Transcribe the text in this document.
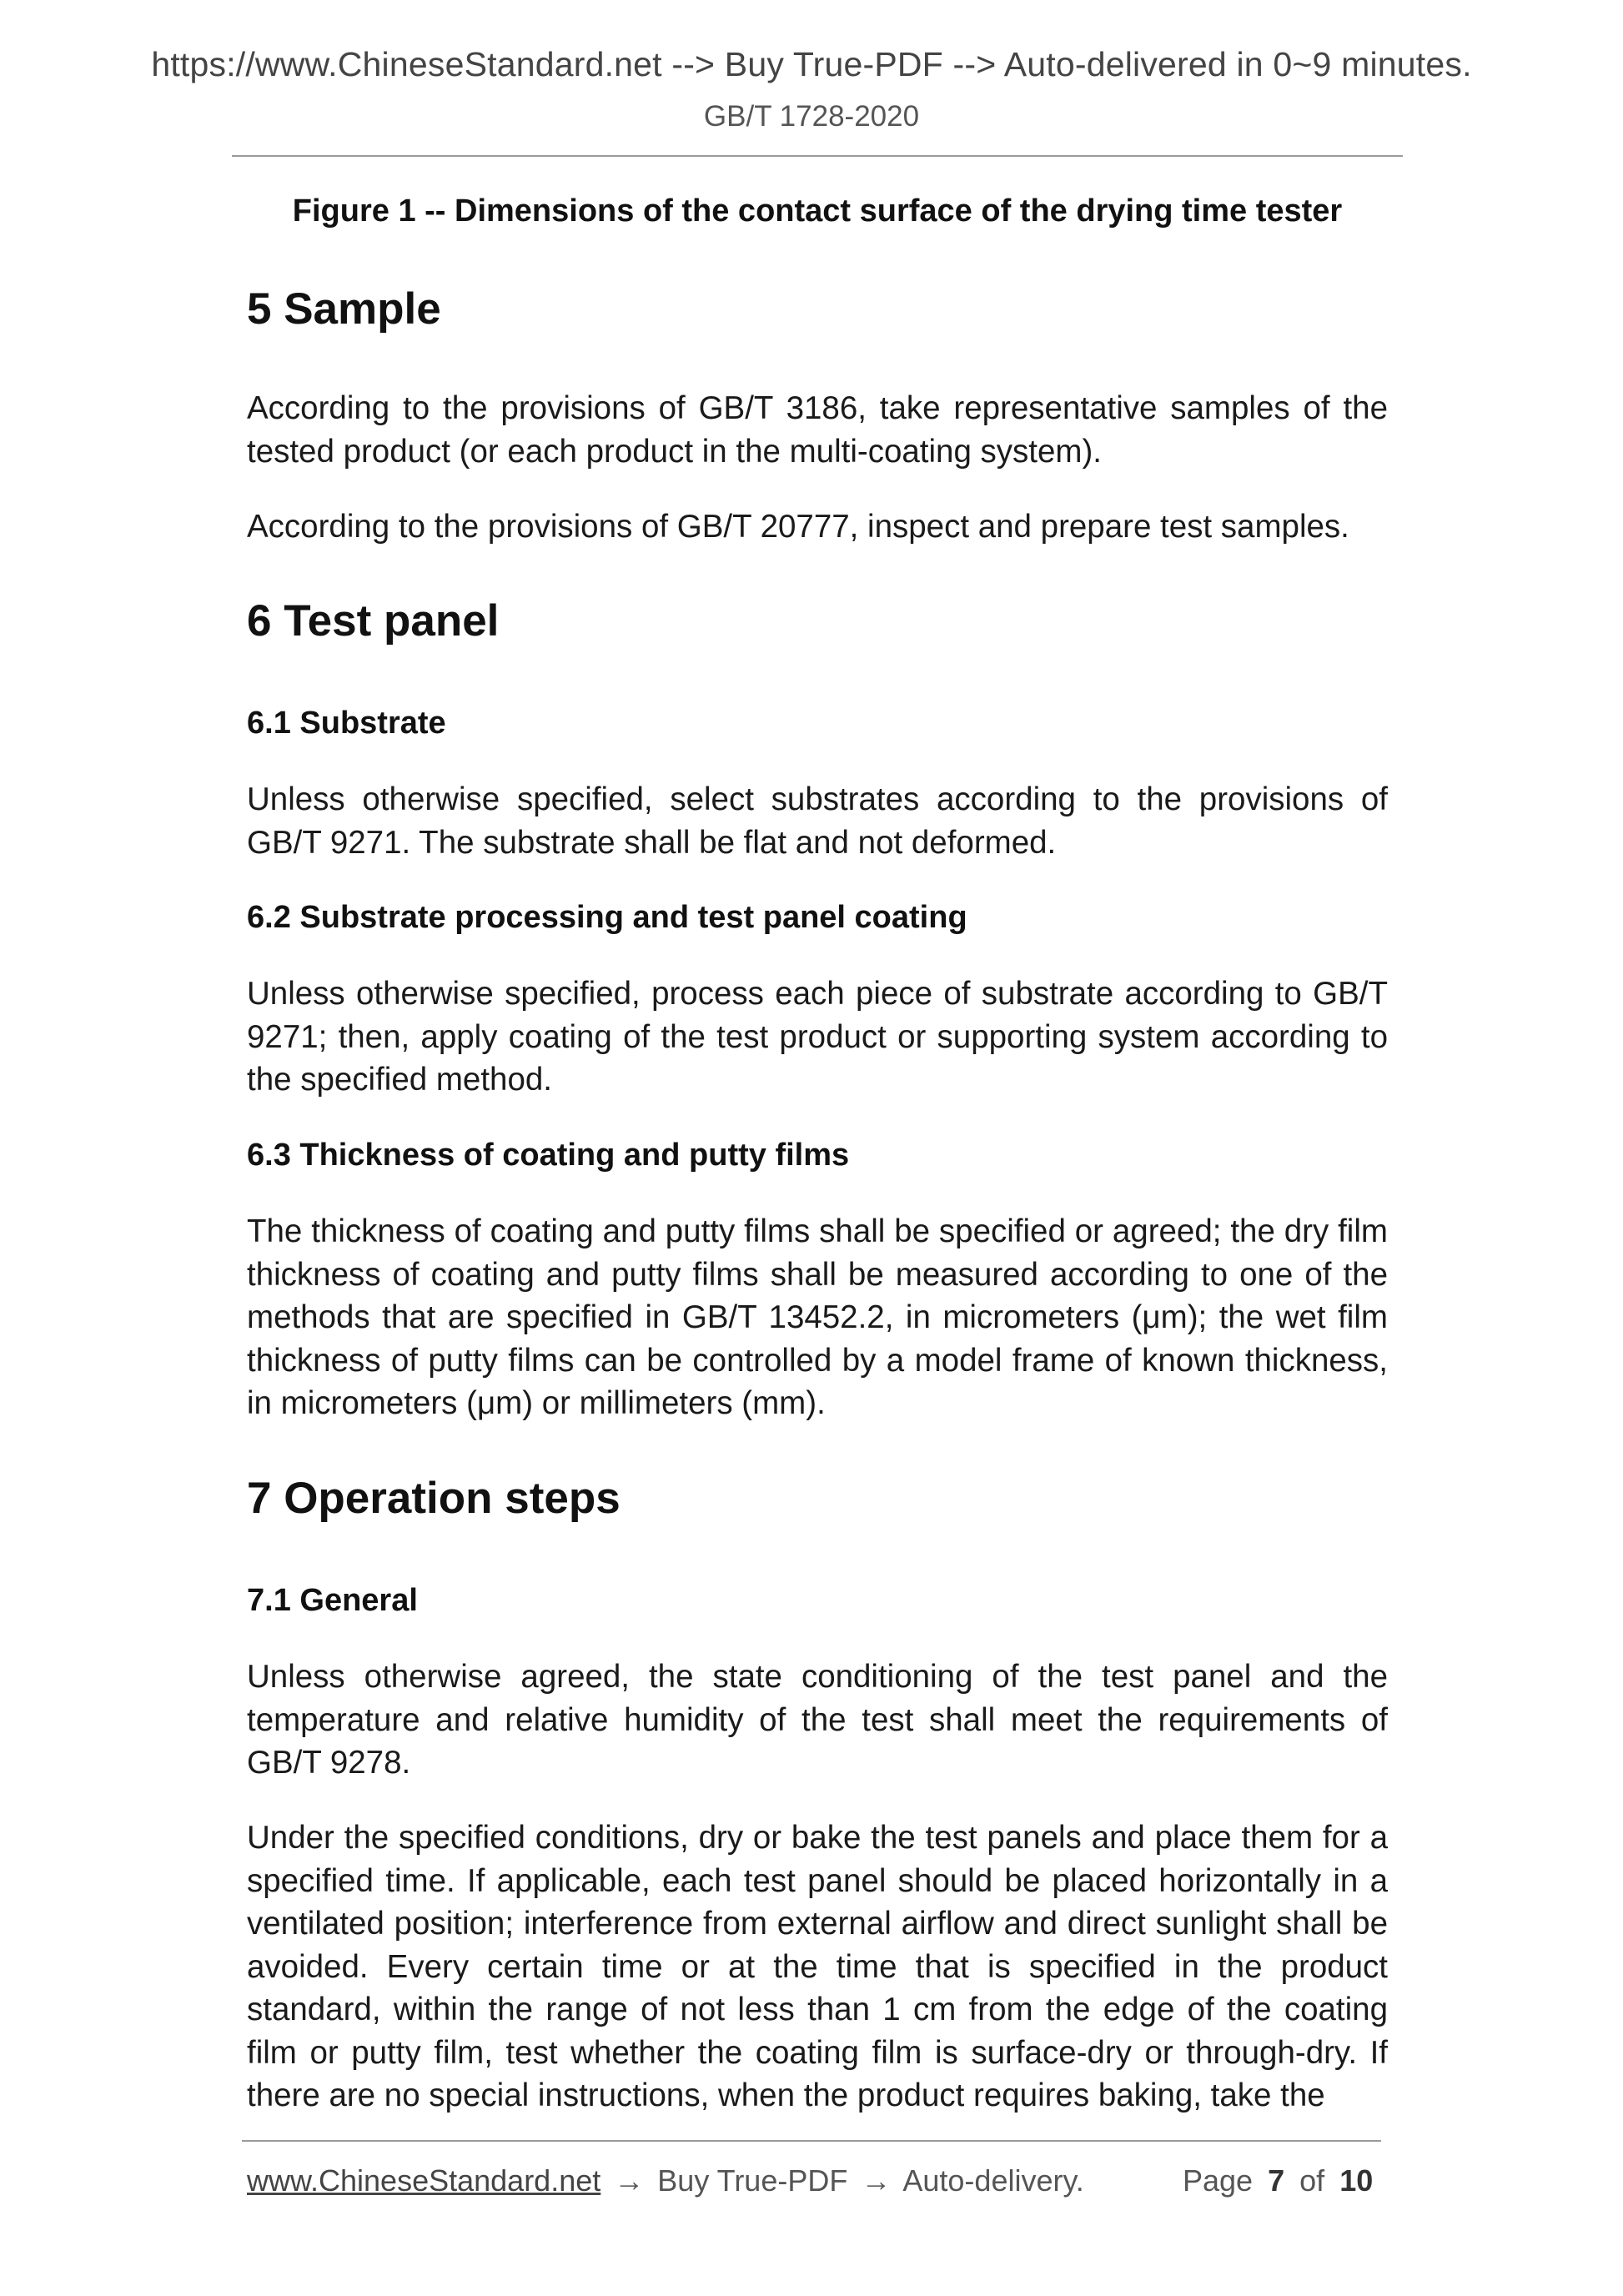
https://www.ChineseStandard.net --> Buy True-PDF --> Auto-delivered in 0~9 minutes.
GB/T 1728-2020
Figure 1 -- Dimensions of the contact surface of the drying time tester
5 Sample

According to the provisions of GB/T 3186, take representative samples of the tested product (or each product in the multi-coating system).

According to the provisions of GB/T 20777, inspect and prepare test samples.

6 Test panel
6.1 Substrate

Unless otherwise specified, select substrates according to the provisions of GB/T 9271. The substrate shall be flat and not deformed.

6.2 Substrate processing and test panel coating

Unless otherwise specified, process each piece of substrate according to GB/T 9271; then, apply coating of the test product or supporting system according to the specified method.

6.3 Thickness of coating and putty films

The thickness of coating and putty films shall be specified or agreed; the dry film thickness of coating and putty films shall be measured according to one of the methods that are specified in GB/T 13452.2, in micrometers (μm); the wet film thickness of putty films can be controlled by a model frame of known thickness, in micrometers (μm) or millimeters (mm).

7 Operation steps
7.1 General

Unless otherwise agreed, the state conditioning of the test panel and the temperature and relative humidity of the test shall meet the requirements of GB/T 9278.

Under the specified conditions, dry or bake the test panels and place them for a specified time. If applicable, each test panel should be placed horizontally in a ventilated position; interference from external airflow and direct sunlight shall be avoided. Every certain time or at the time that is specified in the product standard, within the range of not less than 1 cm from the edge of the coating film or putty film, test whether the coating film is surface-dry or through-dry. If there are no special instructions, when the product requires baking, take the

www.ChineseStandard.net → Buy True-PDF → Auto-delivery.	Page 7 of 10
